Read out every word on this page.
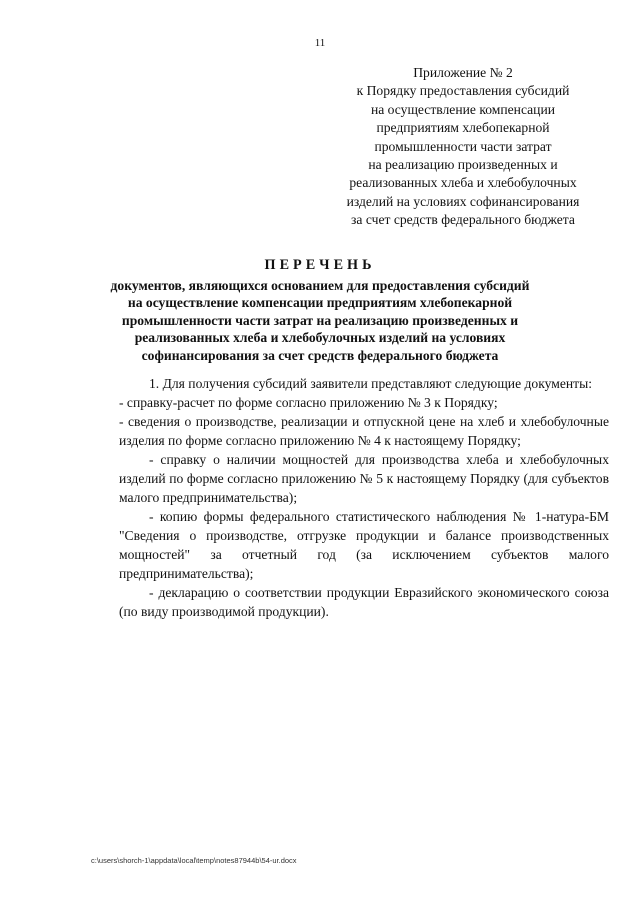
11
Приложение № 2
к Порядку предоставления субсидий
на осуществление компенсации
предприятиям хлебопекарной
промышленности части затрат
на реализацию произведенных и
реализованных хлеба и хлебобулочных
изделий на условиях софинансирования
за счет средств федерального бюджета
ПЕРЕЧЕНЬ
документов, являющихся основанием для предоставления субсидий
на осуществление компенсации предприятиям хлебопекарной
промышленности части затрат на реализацию произведенных и
реализованных хлеба и хлебобулочных изделий на условиях
софинансирования за счет средств федерального бюджета

1. Для получения субсидий заявители представляют следующие документы:

- справку-расчет по форме согласно приложению № 3 к Порядку;

- сведения о производстве, реализации и отпускной цене на хлеб и хлебобулочные изделия по форме согласно приложению № 4 к настоящему Порядку;

- справку о наличии мощностей для производства хлеба и хлебобулочных изделий по форме согласно приложению № 5 к настоящему Порядку (для субъектов малого предпринимательства);

- копию формы федерального статистического наблюдения № 1-натура-БМ "Сведения о производстве, отгрузке продукции и балансе производственных мощностей" за отчетный год (за исключением субъектов малого предпринимательства);

- декларацию о соответствии продукции Евразийского экономического союза (по виду производимой продукции).

c:\users\shorch-1\appdata\local\temp\notes87944b\54-ur.docx
